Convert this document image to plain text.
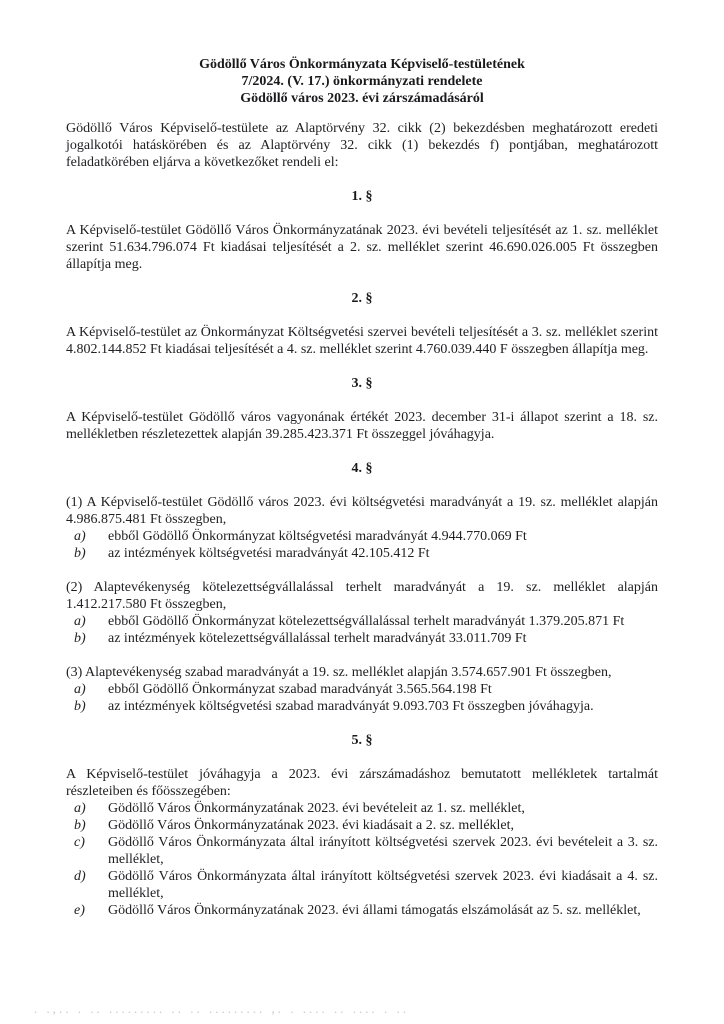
Gödöllő Város Önkormányzata Képviselő-testületének
7/2024. (V. 17.) önkormányzati rendelete
Gödöllő város 2023. évi zárszámadásáról

Gödöllő Város Képviselő-testülete az Alaptörvény 32. cikk (2) bekezdésben meghatározott eredeti jogalkotói hatáskörében és az Alaptörvény 32. cikk (1) bekezdés f) pontjában, meghatározott feladatkörében eljárva a következőket rendeli el:

1. §

A Képviselő-testület Gödöllő Város Önkormányzatának 2023. évi bevételi teljesítését az 1. sz. melléklet szerint 51.634.796.074 Ft kiadásai teljesítését a 2. sz. melléklet szerint 46.690.026.005 Ft összegben állapítja meg.

2. §

A Képviselő-testület az Önkormányzat Költségvetési szervei bevételi teljesítését a 3. sz. melléklet szerint 4.802.144.852 Ft kiadásai teljesítését a 4. sz. melléklet szerint 4.760.039.440 F összegben állapítja meg.

3. §

A Képviselő-testület Gödöllő város vagyonának értékét 2023. december 31-i állapot szerint a 18. sz. mellékletben részletezettek alapján 39.285.423.371 Ft összeggel jóváhagyja.

4. §

(1) A Képviselő-testület Gödöllő város 2023. évi költségvetési maradványát a 19. sz. melléklet alapján 4.986.875.481 Ft összegben,

a)	ebből Gödöllő Önkormányzat költségvetési maradványát 4.944.770.069 Ft
b)	az intézmények költségvetési maradványát 42.105.412 Ft

(2) Alaptevékenység kötelezettségvállalással terhelt maradványát a 19. sz. melléklet alapján 1.412.217.580 Ft összegben,

a)	ebből Gödöllő Önkormányzat kötelezettségvállalással terhelt maradványát 1.379.205.871 Ft
b)	az intézmények kötelezettségvállalással terhelt maradványát 33.011.709 Ft

(3) Alaptevékenység szabad maradványát a 19. sz. melléklet alapján 3.574.657.901 Ft összegben,

a)	ebből Gödöllő Önkormányzat szabad maradványát 3.565.564.198 Ft
b)	az intézmények költségvetési szabad maradványát 9.093.703 Ft összegben jóváhagyja.
5. §

A Képviselő-testület jóváhagyja a 2023. évi zárszámadáshoz bemutatott mellékletek tartalmát részleteiben és főösszegében:

a)	Gödöllő Város Önkormányzatának 2023. évi bevételeit az 1. sz. melléklet,
b)	Gödöllő Város Önkormányzatának 2023. évi kiadásait a 2. sz. melléklet,
c)	Gödöllő Város Önkormányzata által irányított költségvetési szervek 2023. évi bevételeit a 3. sz. melléklet,
d)	Gödöllő Város Önkormányzata által irányított költségvetési szervek 2023. évi kiadásait a 4. sz. melléklet,
e)	Gödöllő Város Önkormányzatának 2023. évi állami támogatás elszámolását az 5. sz. melléklet,
. .,.. . .. ......... .. .. ......... ,. . .... .. .... . ..
